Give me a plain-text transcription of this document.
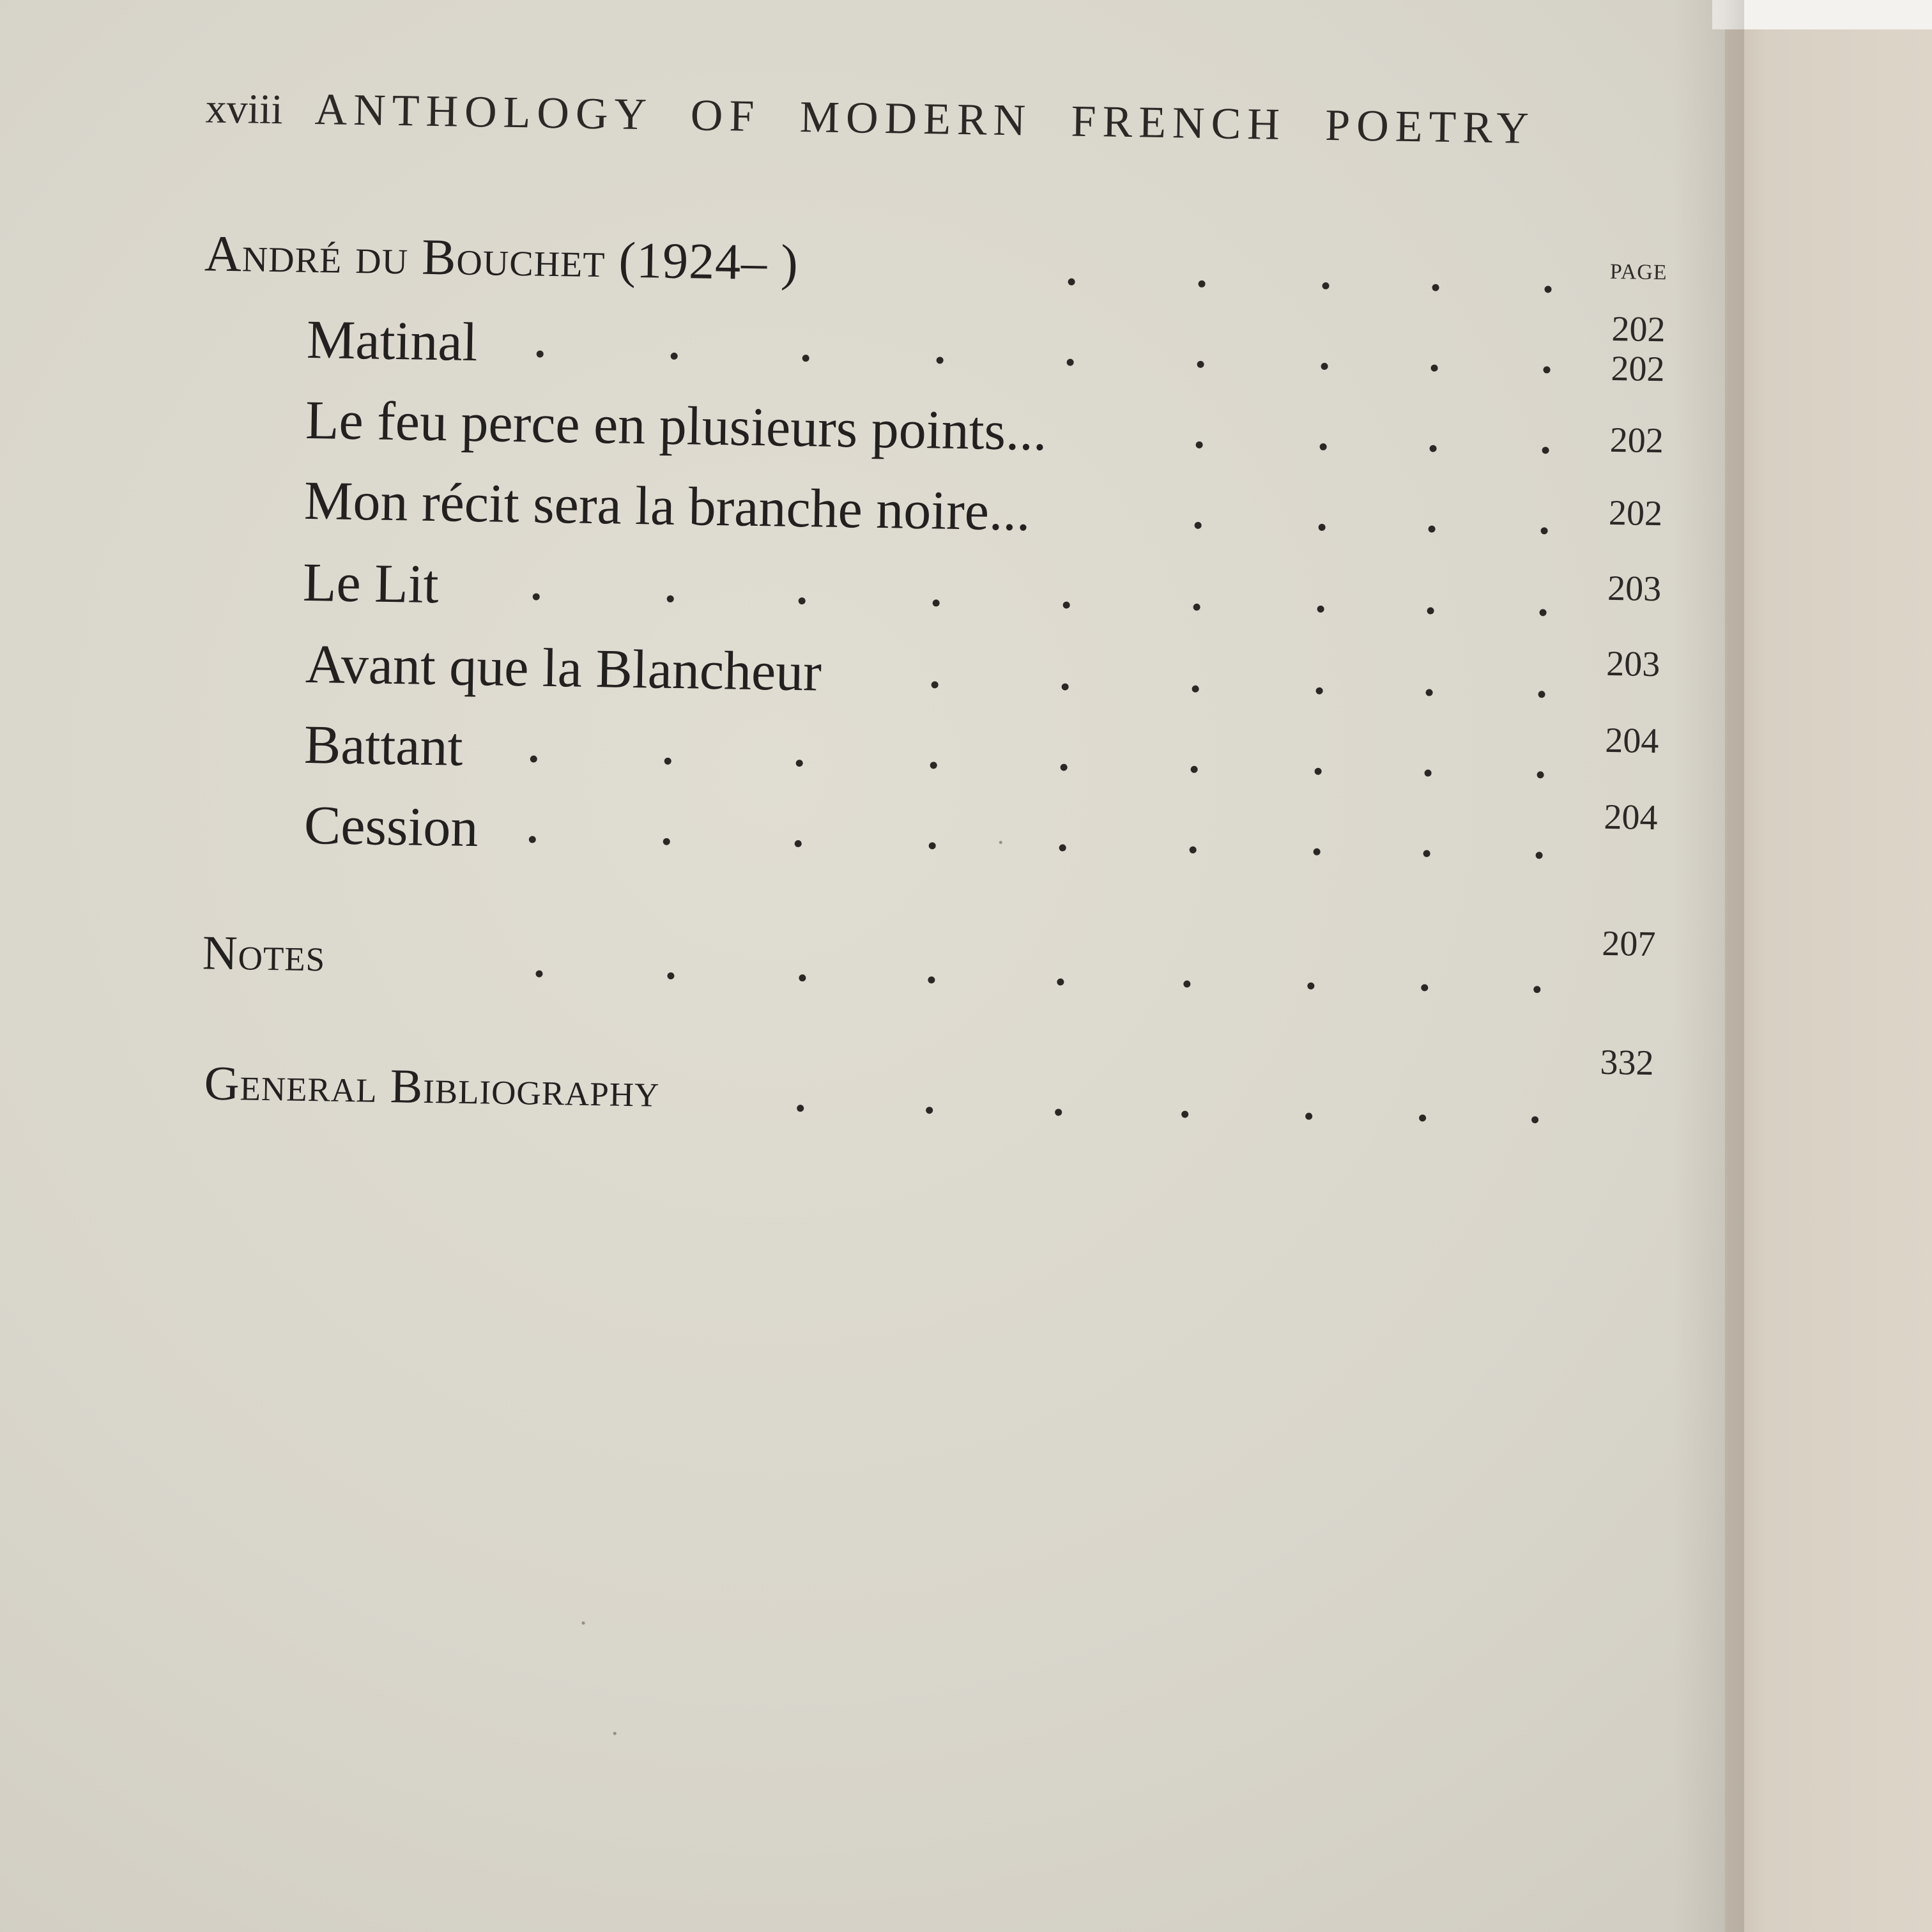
xviii ANTHOLOGY OF MODERN FRENCH POETRY
PAGE
André du Bouchet (1924– )
202
Matinal	202
Le feu perce en plusieurs points...	202
Mon récit sera la branche noire...	202
Le Lit	203
Avant que la Blancheur	203
Battant	204
Cession	204
Notes	207
General Bibliography	332
